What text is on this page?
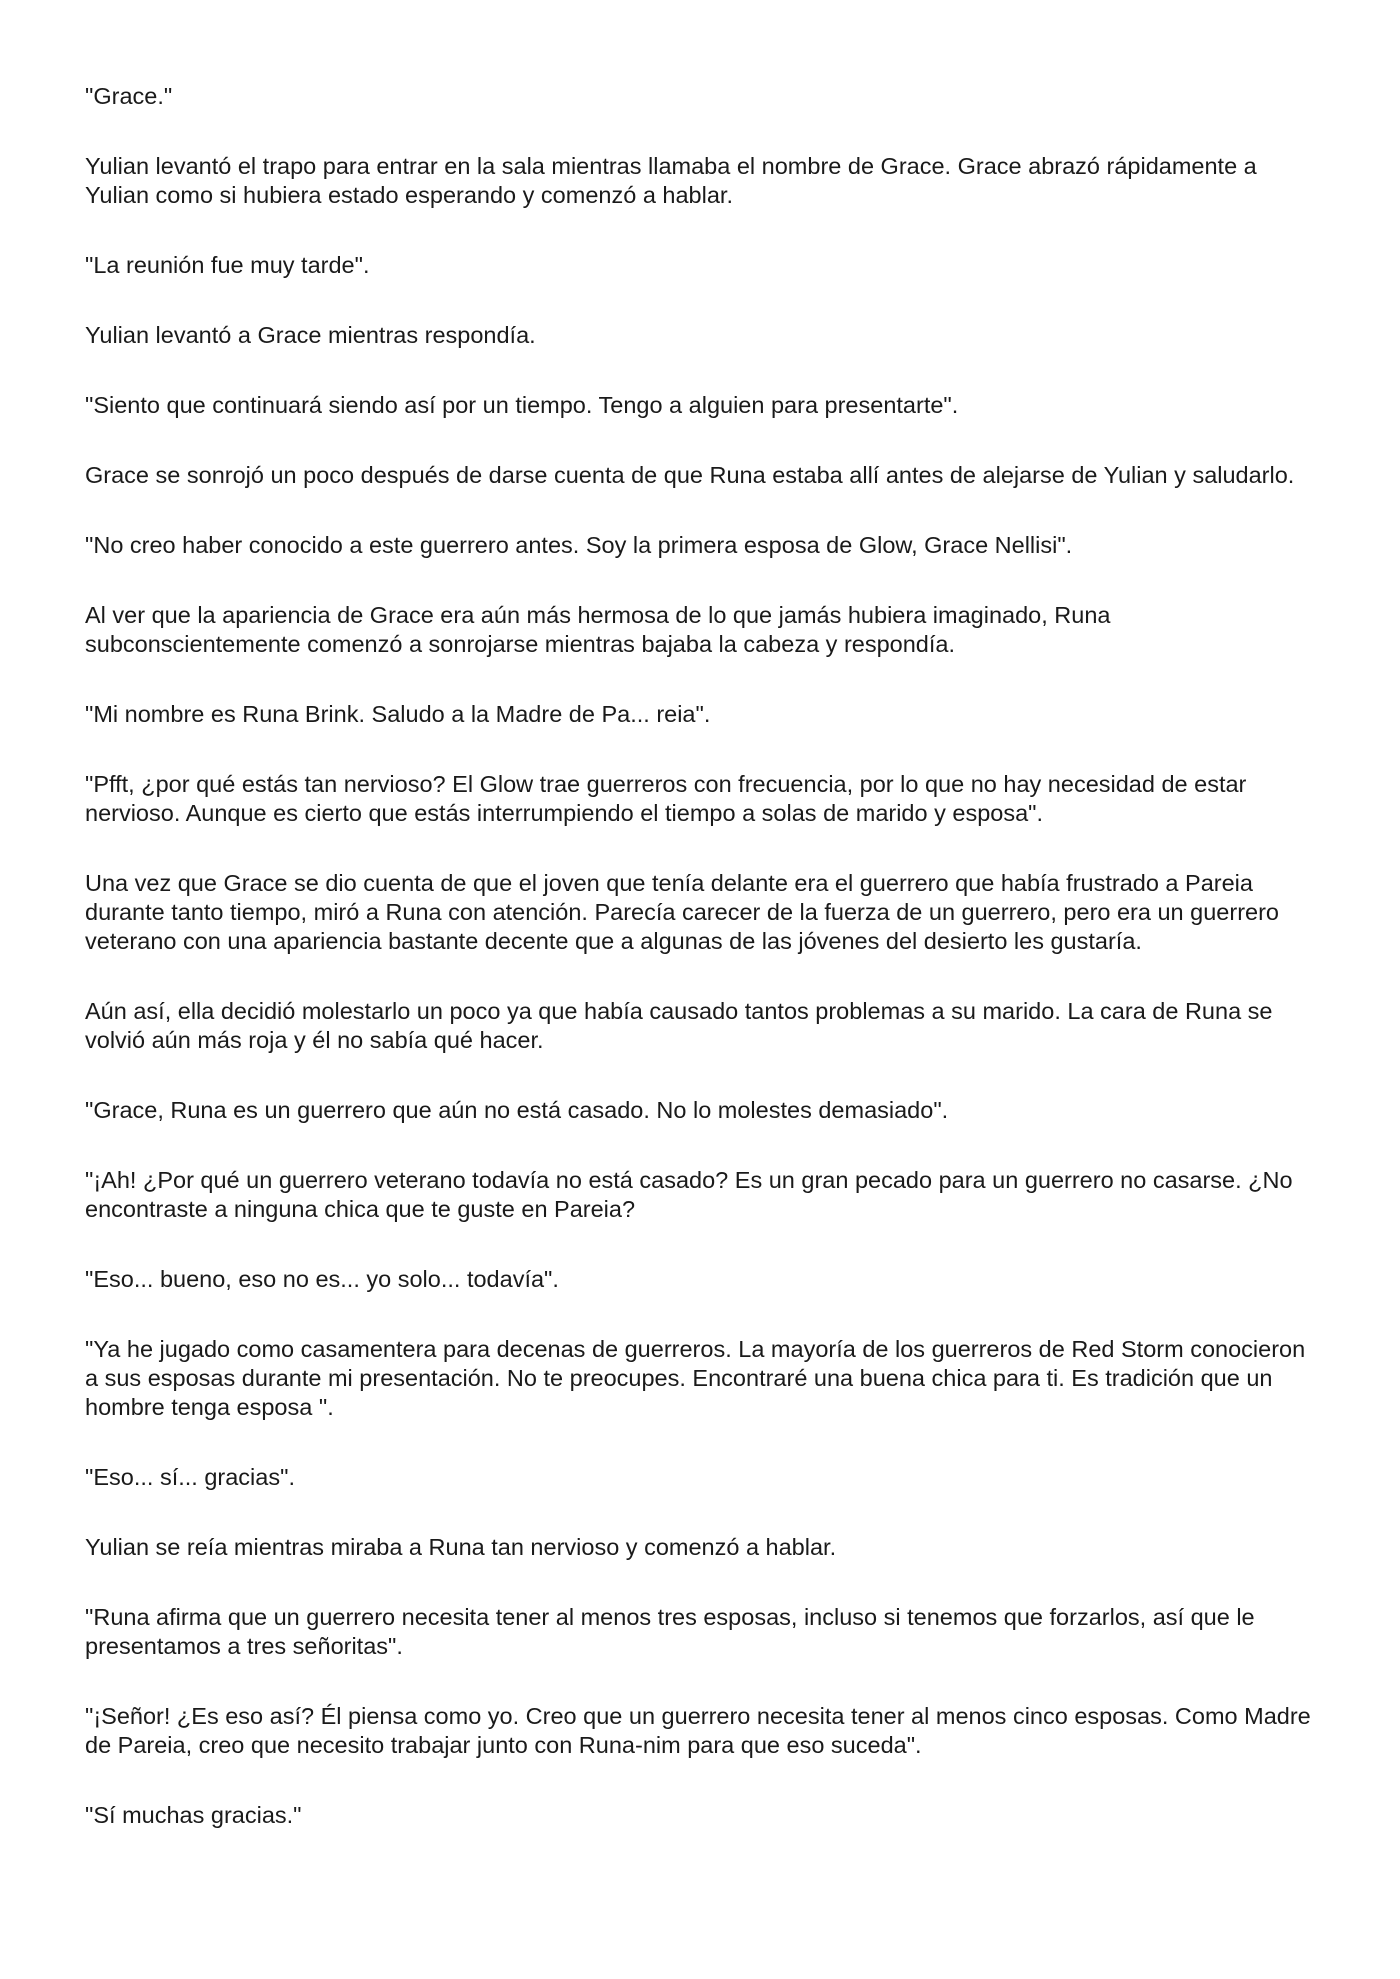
"Grace."

Yulian levantó el trapo para entrar en la sala mientras llamaba el nombre de Grace. Grace abrazó rápidamente a Yulian como si hubiera estado esperando y comenzó a hablar.

"La reunión fue muy tarde".

Yulian levantó a Grace mientras respondía.

"Siento que continuará siendo así por un tiempo. Tengo a alguien para presentarte".

Grace se sonrojó un poco después de darse cuenta de que Runa estaba allí antes de alejarse de Yulian y saludarlo.

"No creo haber conocido a este guerrero antes. Soy la primera esposa de Glow, Grace Nellisi".

Al ver que la apariencia de Grace era aún más hermosa de lo que jamás hubiera imaginado, Runa subconscientemente comenzó a sonrojarse mientras bajaba la cabeza y respondía.

"Mi nombre es Runa Brink. Saludo a la Madre de Pa... reia".

"Pfft, ¿por qué estás tan nervioso? El Glow trae guerreros con frecuencia, por lo que no hay necesidad de estar nervioso. Aunque es cierto que estás interrumpiendo el tiempo a solas de marido y esposa".

Una vez que Grace se dio cuenta de que el joven que tenía delante era el guerrero que había frustrado a Pareia durante tanto tiempo, miró a Runa con atención. Parecía carecer de la fuerza de un guerrero, pero era un guerrero veterano con una apariencia bastante decente que a algunas de las jóvenes del desierto les gustaría.

Aún así, ella decidió molestarlo un poco ya que había causado tantos problemas a su marido. La cara de Runa se volvió aún más roja y él no sabía qué hacer.

"Grace, Runa es un guerrero que aún no está casado. No lo molestes demasiado".

"¡Ah! ¿Por qué un guerrero veterano todavía no está casado? Es un gran pecado para un guerrero no casarse. ¿No encontraste a ninguna chica que te guste en Pareia?

"Eso... bueno, eso no es... yo solo... todavía".

"Ya he jugado como casamentera para decenas de guerreros. La mayoría de los guerreros de Red Storm conocieron a sus esposas durante mi presentación. No te preocupes. Encontraré una buena chica para ti. Es tradición que un hombre tenga esposa ".

"Eso... sí... gracias".

Yulian se reía mientras miraba a Runa tan nervioso y comenzó a hablar.

"Runa afirma que un guerrero necesita tener al menos tres esposas, incluso si tenemos que forzarlos, así que le presentamos a tres señoritas".

"¡Señor! ¿Es eso así? Él piensa como yo. Creo que un guerrero necesita tener al menos cinco esposas. Como Madre de Pareia, creo que necesito trabajar junto con Runa-nim para que eso suceda".

"Sí muchas gracias."
